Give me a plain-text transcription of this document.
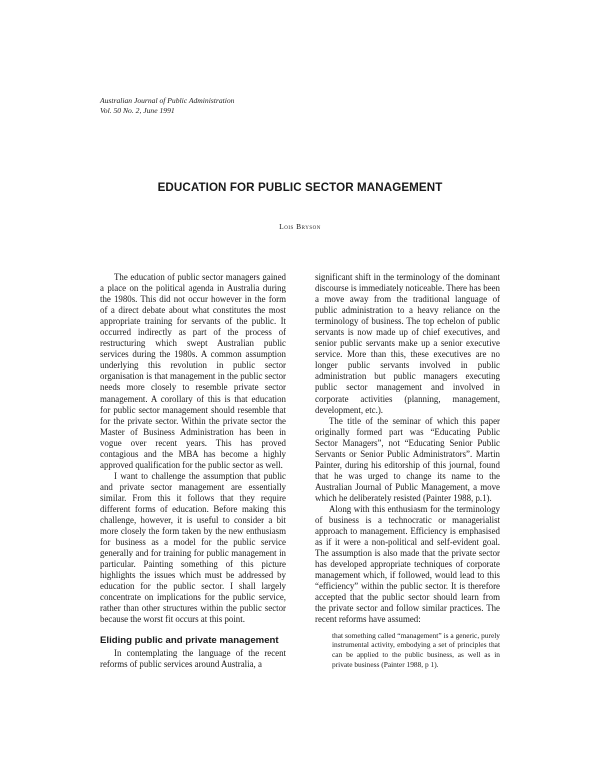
Australian Journal of Public Administration
Vol. 50 No. 2, June 1991
EDUCATION FOR PUBLIC SECTOR MANAGEMENT
Lois Bryson

The education of public sector managers gained a place on the political agenda in Australia during the 1980s. This did not occur however in the form of a direct debate about what constitutes the most appropriate training for servants of the public. It occurred indirectly as part of the process of restructuring which swept Australian public services during the 1980s. A common assumption underlying this revolution in public sector organisation is that management in the public sector needs more closely to resemble private sector management. A corollary of this is that education for public sector management should resemble that for the private sector. Within the private sector the Master of Business Administration has been in vogue over recent years. This has proved contagious and the MBA has become a highly approved qualification for the public sector as well.

I want to challenge the assumption that public and private sector management are essentially similar. From this it follows that they require different forms of education. Before making this challenge, however, it is useful to consider a bit more closely the form taken by the new enthusiasm for business as a model for the public service generally and for training for public management in particular. Painting something of this picture highlights the issues which must be addressed by education for the public sector. I shall largely concentrate on implications for the public service, rather than other structures within the public sector because the worst fit occurs at this point.

Eliding public and private management

In contemplating the language of the recent reforms of public services around Australia, a

significant shift in the terminology of the dominant discourse is immediately noticeable. There has been a move away from the traditional language of public administration to a heavy reliance on the terminology of business. The top echelon of public servants is now made up of chief executives, and senior public servants make up a senior executive service. More than this, these executives are no longer public servants involved in public administration but public managers executing public sector management and involved in corporate activities (planning, management, development, etc.).

The title of the seminar of which this paper originally formed part was “Educating Public Sector Managers”, not “Educating Senior Public Servants or Senior Public Administrators”. Martin Painter, during his editorship of this journal, found that he was urged to change its name to the Australian Journal of Public Management, a move which he deliberately resisted (Painter 1988, p.1).

Along with this enthusiasm for the terminology of business is a technocratic or managerialist approach to management. Efficiency is emphasised as if it were a non-political and self-evident goal. The assumption is also made that the private sector has developed appropriate techniques of corporate management which, if followed, would lead to this “efficiency” within the public sector. It is therefore accepted that the public sector should learn from the private sector and follow similar practices. The recent reforms have assumed:

that something called “management” is a generic, purely instrumental activity, embodying a set of principles that can be applied to the public business, as well as in private business (Painter 1988, p 1).
